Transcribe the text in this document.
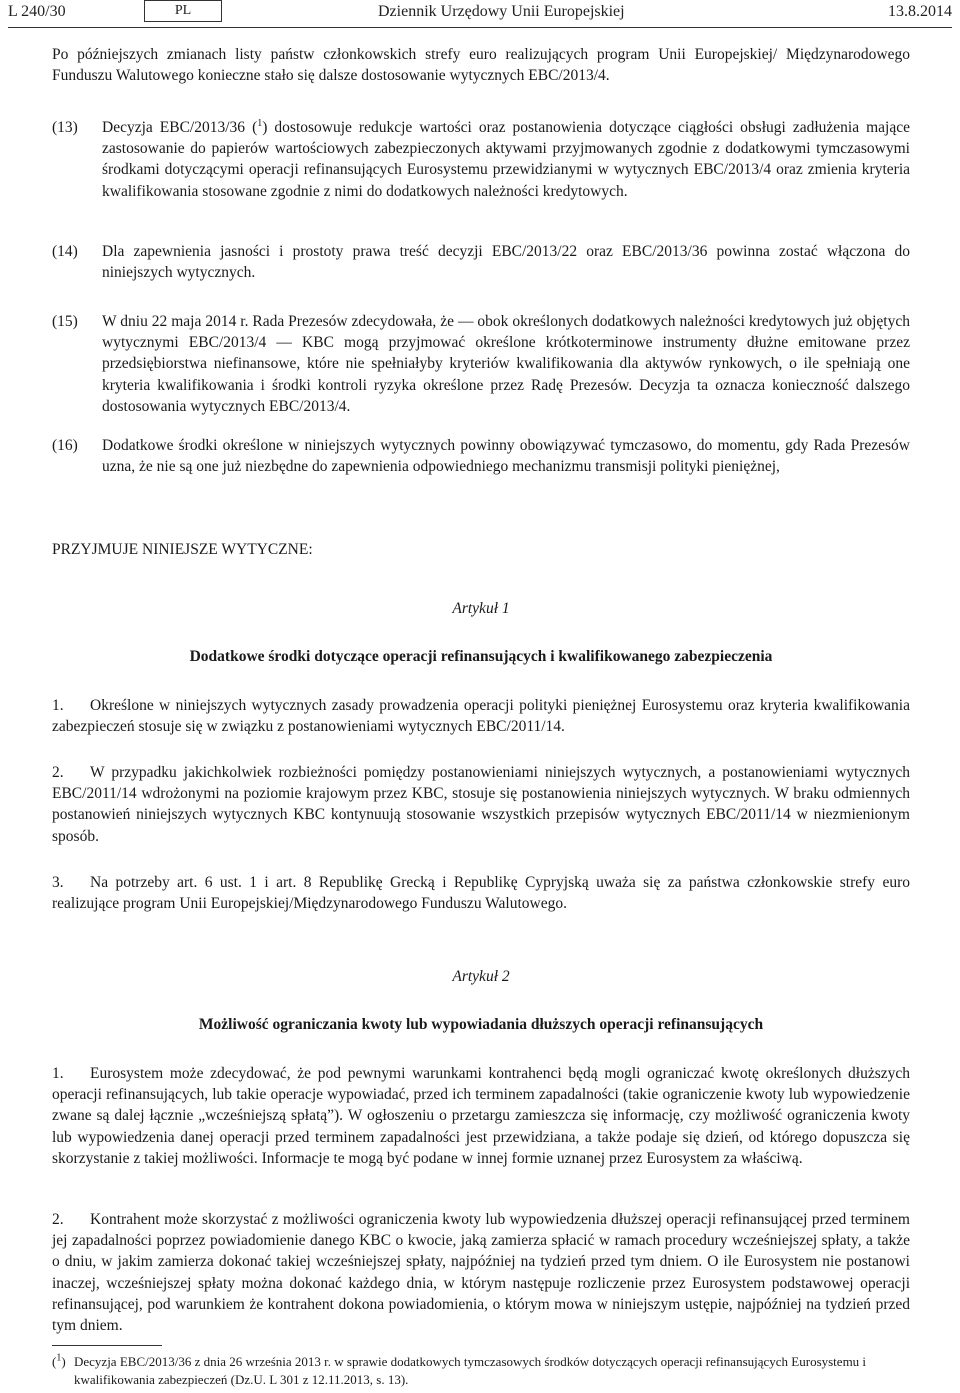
L 240/30	PL	Dziennik Urzędowy Unii Europejskiej	13.8.2014

Po późniejszych zmianach listy państw członkowskich strefy euro realizujących program Unii Europejskiej/ Międzynarodowego Funduszu Walutowego konieczne stało się dalsze dostosowanie wytycznych EBC/2013/4.

(13) Decyzja EBC/2013/36 ($^1$) dostosowuje redukcje wartości oraz postanowienia dotyczące ciągłości obsługi zadłużenia mające zastosowanie do papierów wartościowych zabezpieczonych aktywami przyjmowanych zgodnie z dodatkowymi tymczasowymi środkami dotyczącymi operacji refinansujących Eurosystemu przewidzianymi w wytycznych EBC/2013/4 oraz zmienia kryteria kwalifikowania stosowane zgodnie z nimi do dodatkowych należności kredytowych.
(14) Dla zapewnienia jasności i prostoty prawa treść decyzji EBC/2013/22 oraz EBC/2013/36 powinna zostać włączona do niniejszych wytycznych.
(15) W dniu 22 maja 2014 r. Rada Prezesów zdecydowała, że — obok określonych dodatkowych należności kredytowych już objętych wytycznymi EBC/2013/4 — KBC mogą przyjmować określone krótkoterminowe instrumenty dłużne emitowane przez przedsiębiorstwa niefinansowe, które nie spełniałyby kryteriów kwalifikowania dla aktywów rynkowych, o ile spełniają one kryteria kwalifikowania i środki kontroli ryzyka określone przez Radę Prezesów. Decyzja ta oznacza konieczność dalszego dostosowania wytycznych EBC/2013/4.
(16) Dodatkowe środki określone w niniejszych wytycznych powinny obowiązywać tymczasowo, do momentu, gdy Rada Prezesów uzna, że nie są one już niezbędne do zapewnienia odpowiedniego mechanizmu transmisji polityki pieniężnej,
PRZYJMUJE NINIEJSZE WYTYCZNE:
Artykuł 1
Dodatkowe środki dotyczące operacji refinansujących i kwalifikowanego zabezpieczenia
1. Określone w niniejszych wytycznych zasady prowadzenia operacji polityki pieniężnej Eurosystemu oraz kryteria kwalifikowania zabezpieczeń stosuje się w związku z postanowieniami wytycznych EBC/2011/14.
2. W przypadku jakichkolwiek rozbieżności pomiędzy postanowieniami niniejszych wytycznych, a postanowieniami wytycznych EBC/2011/14 wdrożonymi na poziomie krajowym przez KBC, stosuje się postanowienia niniejszych wytycznych. W braku odmiennych postanowień niniejszych wytycznych KBC kontynuują stosowanie wszystkich przepisów wytycznych EBC/2011/14 w niezmienionym sposób.
3. Na potrzeby art. 6 ust. 1 i art. 8 Republikę Grecką i Republikę Cypryjską uważa się za państwa członkowskie strefy euro realizujące program Unii Europejskiej/Międzynarodowego Funduszu Walutowego.
Artykuł 2
Możliwość ograniczania kwoty lub wypowiadania dłuższych operacji refinansujących
1. Eurosystem może zdecydować, że pod pewnymi warunkami kontrahenci będą mogli ograniczać kwotę określonych dłuższych operacji refinansujących, lub takie operacje wypowiadać, przed ich terminem zapadalności (takie ograniczenie kwoty lub wypowiedzenie zwane są dalej łącznie „wcześniejszą spłatą”). W ogłoszeniu o przetargu zamieszcza się informację, czy możliwość ograniczenia kwoty lub wypowiedzenia danej operacji przed terminem zapadalności jest przewidziana, a także podaje się dzień, od którego dopuszcza się skorzystanie z takiej możliwości. Informacje te mogą być podane w innej formie uznanej przez Eurosystem za właściwą.
2. Kontrahent może skorzystać z możliwości ograniczenia kwoty lub wypowiedzenia dłuższej operacji refinansującej przed terminem jej zapadalności poprzez powiadomienie danego KBC o kwocie, jaką zamierza spłacić w ramach procedury wcześniejszej spłaty, a także o dniu, w jakim zamierza dokonać takiej wcześniejszej spłaty, najpóźniej na tydzień przed tym dniem. O ile Eurosystem nie postanowi inaczej, wcześniejszej spłaty można dokonać każdego dnia, w którym następuje rozliczenie przez Eurosystem podstawowej operacji refinansującej, pod warunkiem że kontrahent dokona powiadomienia, o którym mowa w niniejszym ustępie, najpóźniej na tydzień przed tym dniem.
($^1$) Decyzja EBC/2013/36 z dnia 26 września 2013 r. w sprawie dodatkowych tymczasowych środków dotyczących operacji refinansujących Eurosystemu i kwalifikowania zabezpieczeń (Dz.U. L 301 z 12.11.2013, s. 13).
